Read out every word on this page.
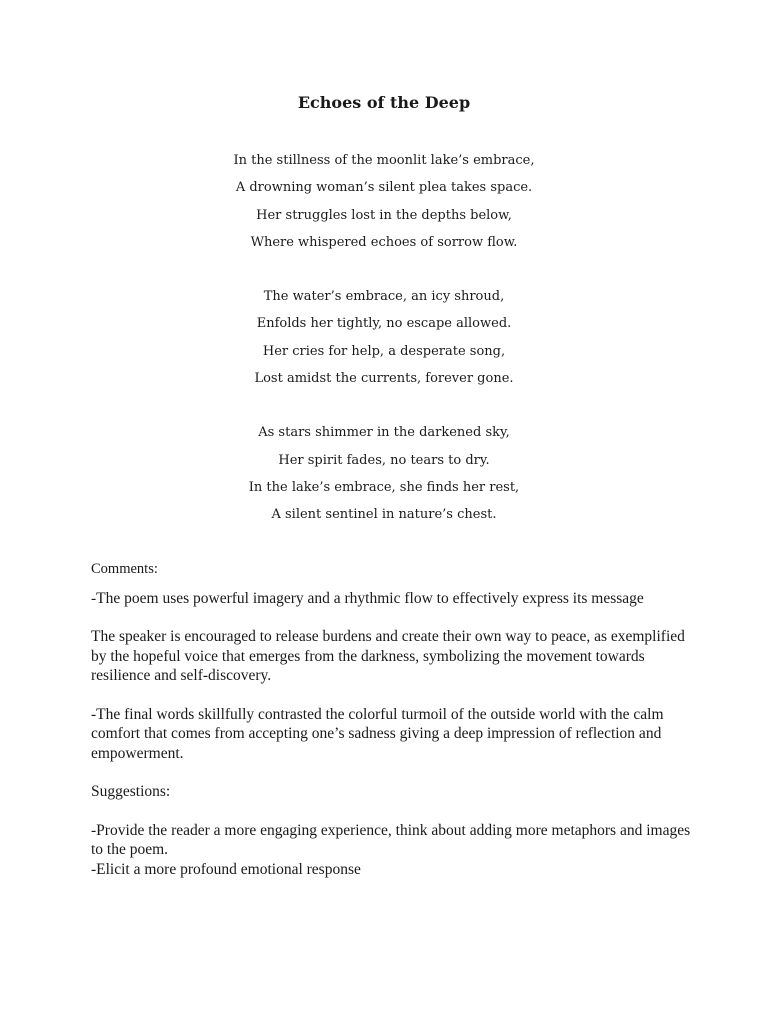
Echoes of the Deep
In the stillness of the moonlit lake’s embrace,
A drowning woman’s silent plea takes space.
Her struggles lost in the depths below,
Where whispered echoes of sorrow flow.
The water’s embrace, an icy shroud,
Enfolds her tightly, no escape allowed.
Her cries for help, a desperate song,
Lost amidst the currents, forever gone.
As stars shimmer in the darkened sky,
Her spirit fades, no tears to dry.
In the lake’s embrace, she finds her rest,
A silent sentinel in nature’s chest.

Comments:

-The poem uses powerful imagery and a rhythmic flow to effectively express its message

The speaker is encouraged to release burdens and create their own way to peace, as exemplified by the hopeful voice that emerges from the darkness, symbolizing the movement towards resilience and self-discovery.

-The final words skillfully contrasted the colorful turmoil of the outside world with the calm comfort that comes from accepting one’s sadness giving a deep impression of reflection and empowerment.

Suggestions:

-Provide the reader a more engaging experience, think about adding more metaphors and images to the poem.

-Elicit a more profound emotional response
